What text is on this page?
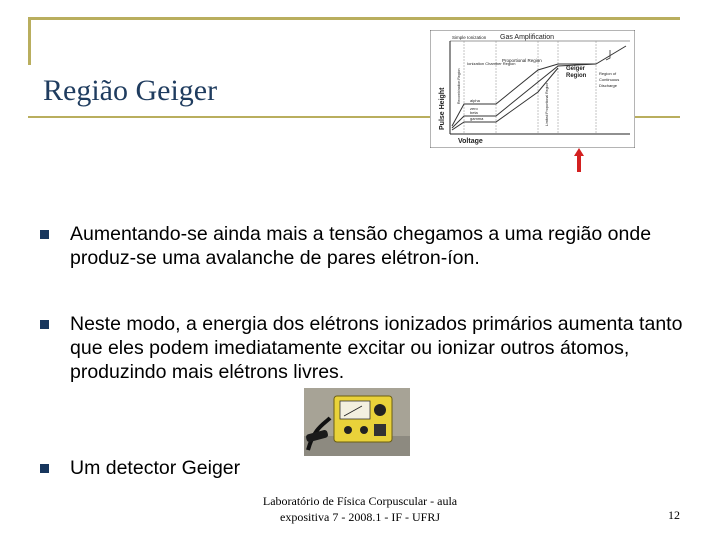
Região Geiger
Simple Ionization Gas Amplification
Pulse Height
Voltage
Recombination Region
Ionization Chamber Region
Proportional Region
Limited Proportional Region
Geiger
Region	Region of
Continuous
Discharge
alpha
zero
beta
gamma
Aumentando-se ainda mais a tensão chegamos a uma região onde produz-se uma avalanche de pares elétron-íon.
Neste modo, a energia dos elétrons ionizados primários aumenta tanto que eles podem imediatamente excitar ou ionizar outros átomos, produzindo mais elétrons livres.
Um detector Geiger
Laboratório de Física Corpuscular - aula
expositiva 7 - 2008.1 - IF - UFRJ	12
